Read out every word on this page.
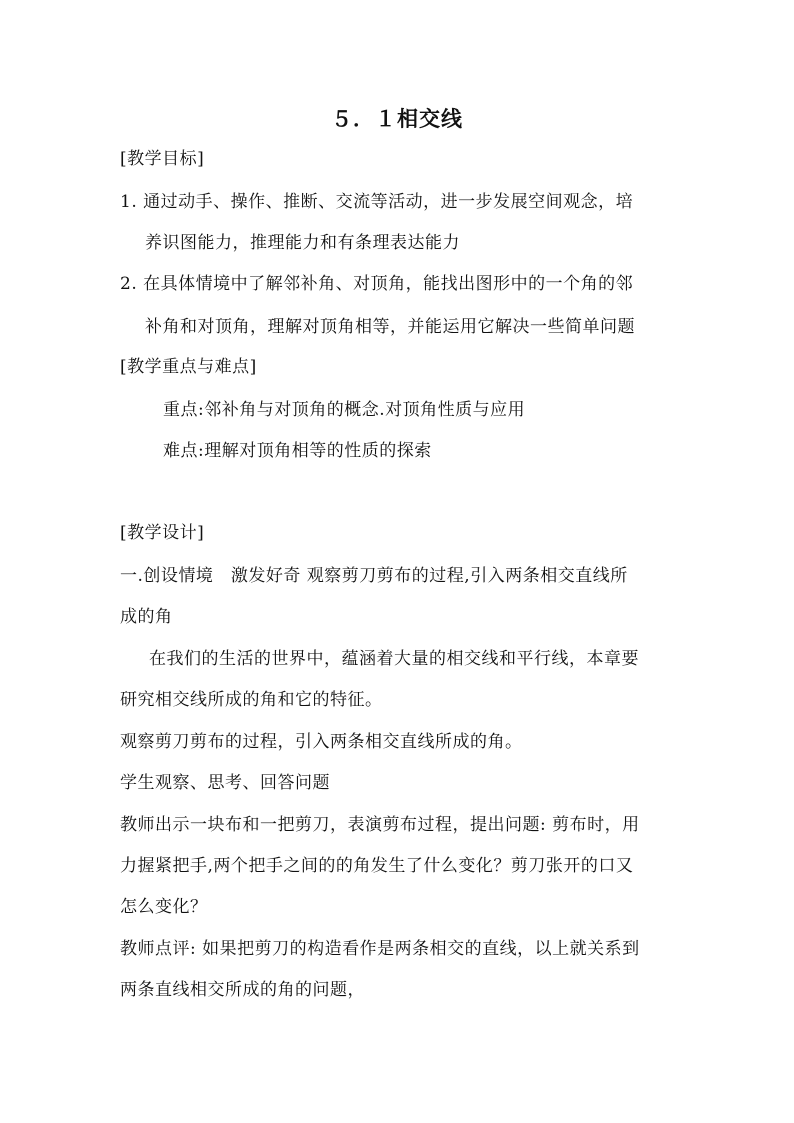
５．１相交线
[教学目标]
1. 通过动手、操作、推断、交流等活动，进一步发展空间观念，培
养识图能力，推理能力和有条理表达能力
2. 在具体情境中了解邻补角、对顶角，能找出图形中的一个角的邻
补角和对顶角，理解对顶角相等，并能运用它解决一些简单问题
[教学重点与难点]
重点:邻补角与对顶角的概念.对顶角性质与应用
难点:理解对顶角相等的性质的探索
[教学设计]
一.创设情境　激发好奇 观察剪刀剪布的过程,引入两条相交直线所
成的角
在我们的生活的世界中，蕴涵着大量的相交线和平行线，本章要
研究相交线所成的角和它的特征。
观察剪刀剪布的过程，引入两条相交直线所成的角。
学生观察、思考、回答问题
教师出示一块布和一把剪刀，表演剪布过程，提出问题: 剪布时，用
力握紧把手,两个把手之间的的角发生了什么变化？剪刀张开的口又
怎么变化？
教师点评: 如果把剪刀的构造看作是两条相交的直线，以上就关系到
两条直线相交所成的角的问题，
